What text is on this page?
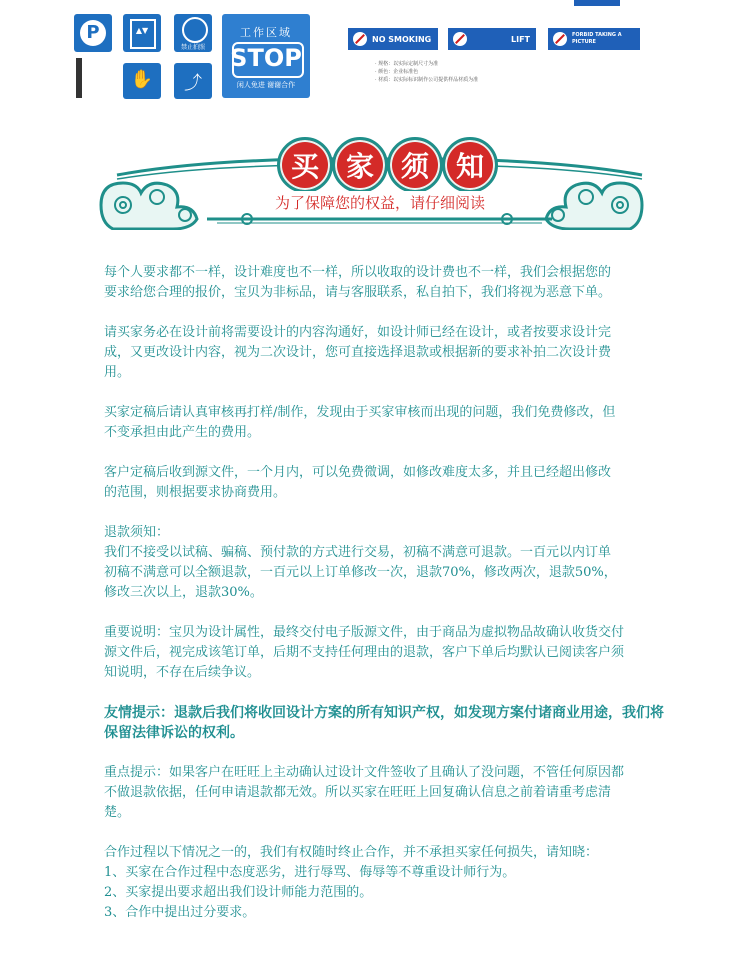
P	▲▼
禁止拍照
工作区域
STOP
闲人免进 谢谢合作
✋	⤴
NO SMOKING	LIFT	FORBID TAKING A PICTURE
· 规格：以实际定制尺寸为准
· 颜色：企业标准色
· 材质：以实际标识制作公司提供样品材质为准
买 家 须 知
为了保障您的权益，请仔细阅读
每个人要求都不一样，设计难度也不一样，所以收取的设计费也不一样，我们会根据您的
要求给您合理的报价，宝贝为非标品，请与客服联系，私自拍下，我们将视为恶意下单。
请买家务必在设计前将需要设计的内容沟通好，如设计师已经在设计，或者按要求设计完
成，又更改设计内容，视为二次设计，您可直接选择退款或根据新的要求补拍二次设计费
用。
买家定稿后请认真审核再打样/制作，发现由于买家审核而出现的问题，我们免费修改，但
不变承担由此产生的费用。
客户定稿后收到源文件，一个月内，可以免费微调，如修改难度太多，并且已经超出修改
的范围，则根据要求协商费用。
退款须知：
我们不接受以试稿、骗稿、预付款的方式进行交易，初稿不满意可退款。一百元以内订单
初稿不满意可以全额退款，一百元以上订单修改一次，退款70%，修改两次，退款50%，
修改三次以上，退款30%。
重要说明：宝贝为设计属性，最终交付电子版源文件，由于商品为虚拟物品故确认收货交付
源文件后，视完成该笔订单，后期不支持任何理由的退款，客户下单后均默认已阅读客户须
知说明，不存在后续争议。
友情提示：退款后我们将收回设计方案的所有知识产权，如发现方案付诸商业用途，我们将
保留法律诉讼的权利。
重点提示：如果客户在旺旺上主动确认过设计文件签收了且确认了没问题，不管任何原因都
不做退款依据，任何申请退款都无效。所以买家在旺旺上回复确认信息之前着请重考虑清
楚。
合作过程以下情况之一的，我们有权随时终止合作，并不承担买家任何损失，请知晓：
1、买家在合作过程中态度恶劣，进行辱骂、侮辱等不尊重设计师行为。
2、买家提出要求超出我们设计师能力范围的。
3、合作中提出过分要求。
